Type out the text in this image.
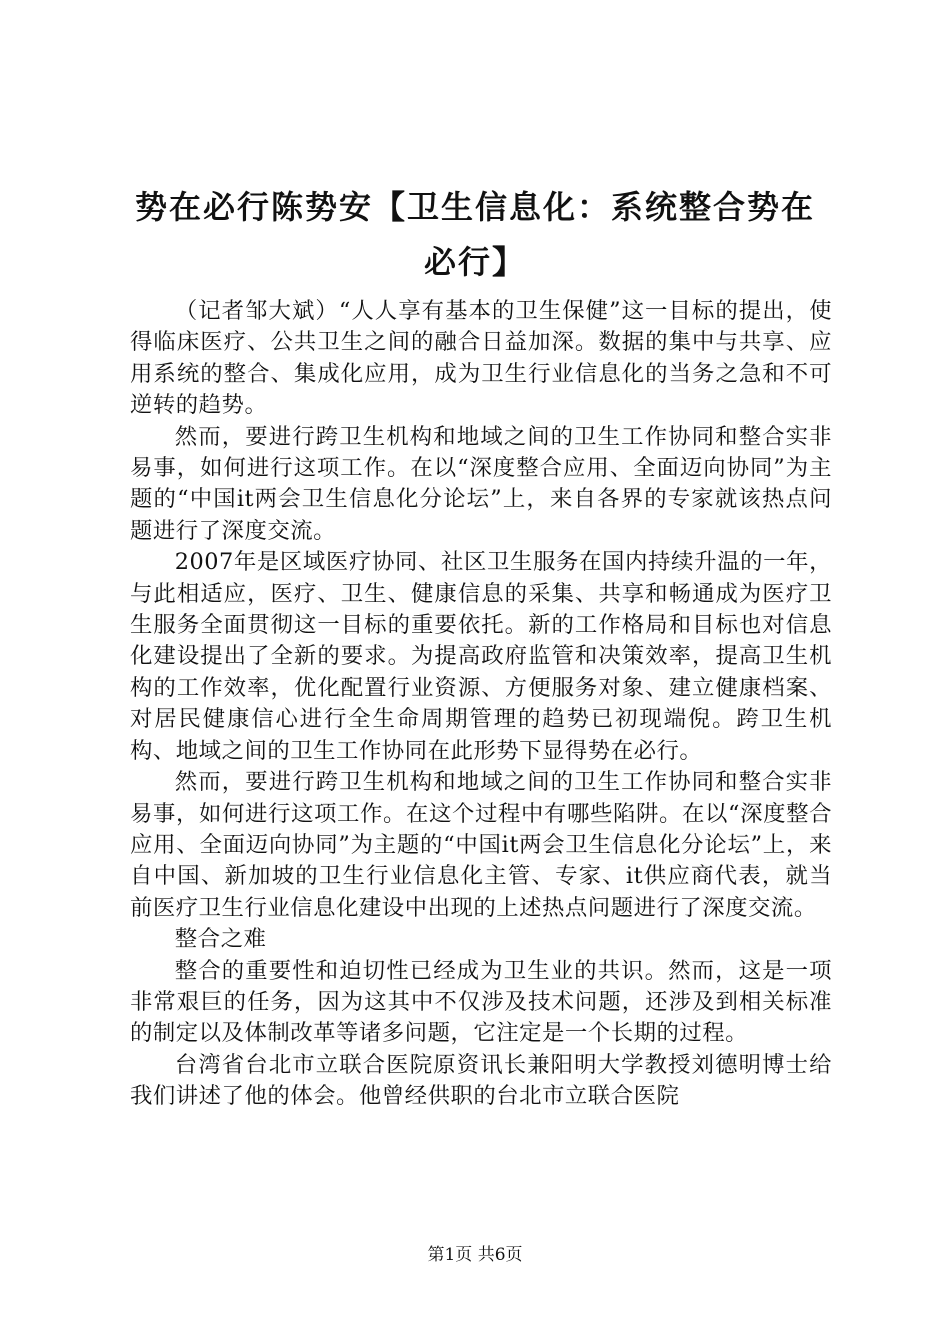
势在必行陈势安【卫生信息化：系统整合势在
必行】

（记者邹大斌）“人人享有基本的卫生保健”这一目标的提出，使得临床医疗、公共卫生之间的融合日益加深。数据的集中与共享、应用系统的整合、集成化应用，成为卫生行业信息化的当务之急和不可逆转的趋势。

然而，要进行跨卫生机构和地域之间的卫生工作协同和整合实非易事，如何进行这项工作。在以“深度整合应用、全面迈向协同”为主题的“中国it两会卫生信息化分论坛”上，来自各界的专家就该热点问题进行了深度交流。

2007年是区域医疗协同、社区卫生服务在国内持续升温的一年，与此相适应，医疗、卫生、健康信息的采集、共享和畅通成为医疗卫生服务全面贯彻这一目标的重要依托。新的工作格局和目标也对信息化建设提出了全新的要求。为提高政府监管和决策效率，提高卫生机构的工作效率，优化配置行业资源、方便服务对象、建立健康档案、对居民健康信心进行全生命周期管理的趋势已初现端倪。跨卫生机构、地域之间的卫生工作协同在此形势下显得势在必行。

然而，要进行跨卫生机构和地域之间的卫生工作协同和整合实非易事，如何进行这项工作。在这个过程中有哪些陷阱。在以“深度整合应用、全面迈向协同”为主题的“中国it两会卫生信息化分论坛”上，来自中国、新加坡的卫生行业信息化主管、专家、it供应商代表，就当前医疗卫生行业信息化建设中出现的上述热点问题进行了深度交流。

整合之难

整合的重要性和迫切性已经成为卫生业的共识。然而，这是一项非常艰巨的任务，因为这其中不仅涉及技术问题，还涉及到相关标准的制定以及体制改革等诸多问题，它注定是一个长期的过程。

台湾省台北市立联合医院原资讯长兼阳明大学教授刘德明博士给我们讲述了他的体会。他曾经供职的台北市立联合医院

第1页 共6页
